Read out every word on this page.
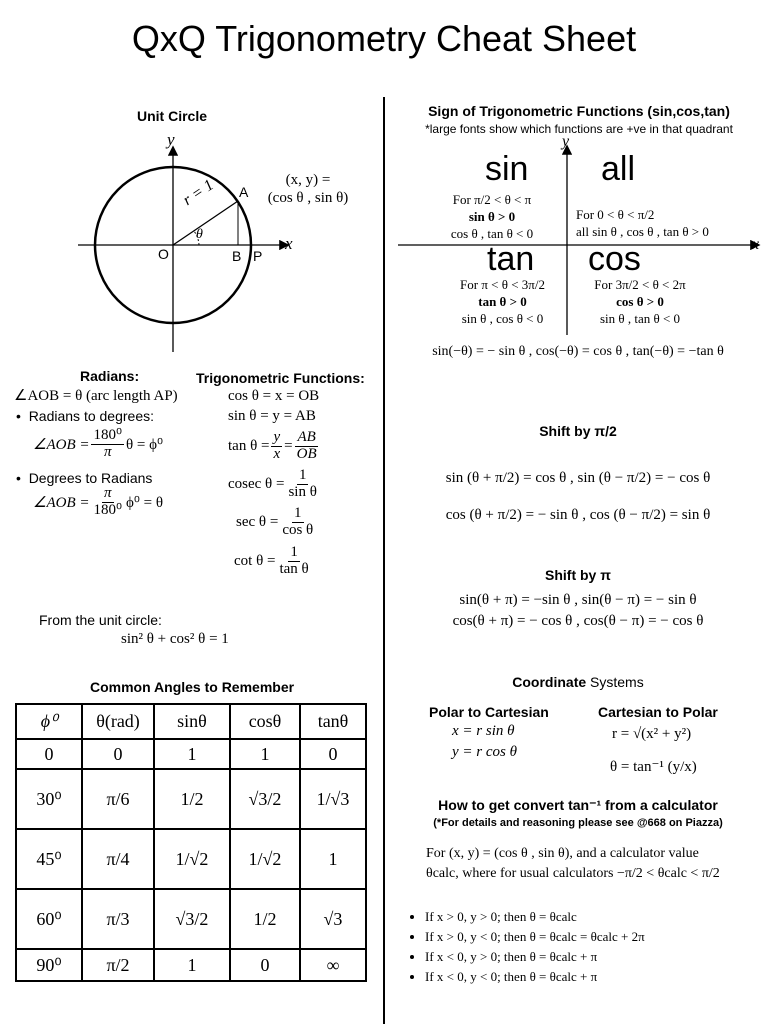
QxQ Trigonometry Cheat Sheet
Unit Circle
y
x
r = 1
θ
A
B P
O
(x, y) =
(cos θ , sin θ)
Sign of Trigonometric Functions (sin,cos,tan)
*large fonts show which functions are +ve in that quadrant
y
x
sin
For π/2 < θ < π
sin θ > 0
cos θ , tan θ < 0
all
For 0 < θ < π/2
all sin θ , cos θ , tan θ > 0
tan
For π < θ < 3π/2
tan θ > 0
sin θ , cos θ < 0
cos
For 3π/2 < θ < 2π
cos θ > 0
sin θ , tan θ < 0
sin(−θ) = − sin θ , cos(−θ) = cos θ , tan(−θ) = −tan θ
Radians:
∠AOB = θ (arc length AP)
•  Radians to degrees:
∠AOB = $\frac{\text{180⁰}}{\pi}$ θ = ϕ⁰
•  Degrees to Radians
∠AOB = $\frac{\pi}{\text{180⁰}} \phi^0 = \theta$
Trigonometric Functions:
cos θ = x = OB
sin θ = y = AB
$\tan \theta = \frac{y}{x} = \frac{AB}{OB}$
cosec $\theta = \frac{1}{\text{sin θ}}$
$\sec \theta = \frac{1}{\text{cos θ}}$
$\cot \theta = \frac{1}{\text{tan θ}}$
From the unit circle:
sin² θ + cos² θ = 1
Common Angles to Remember
ϕ⁰	θ(rad)	sinθ	cosθ	tanθ
0	0	1	1	0
30⁰	π/6	1/2	√3/2	1/√3
45⁰	π/4	1/√2	1/√2	1
60⁰	π/3	√3/2	1/2	√3
90⁰	π/2	1	0	∞
Shift by π/2
sin (θ + π/2) = cos θ , sin (θ − π/2) = − cos θ
cos (θ + π/2) = − sin θ , cos (θ − π/2) = sin θ
Shift by π
sin(θ + π) = −sin θ , sin(θ − π) = − sin θ
cos(θ + π) = − cos θ , cos(θ − π) = − cos θ
Coordinate Systems
Polar to Cartesian
x = r sin θ
y = r cos θ
Cartesian to Polar
r = √(x² + y²)
θ = tan⁻¹ (y/x)
How to get convert tan⁻¹ from a calculator
(*For details and reasoning please see @668 on Piazza)
For (x, y) = (cos θ , sin θ), and a calculator value
θcalc, where for usual calculators −π/2 < θcalc < π/2
• If x > 0, y > 0; then θ = θcalc
• If x > 0, y < 0; then θ = θcalc = θcalc + 2π
• If x < 0, y > 0; then θ = θcalc + π
• If x < 0, y < 0; then θ = θcalc + π
